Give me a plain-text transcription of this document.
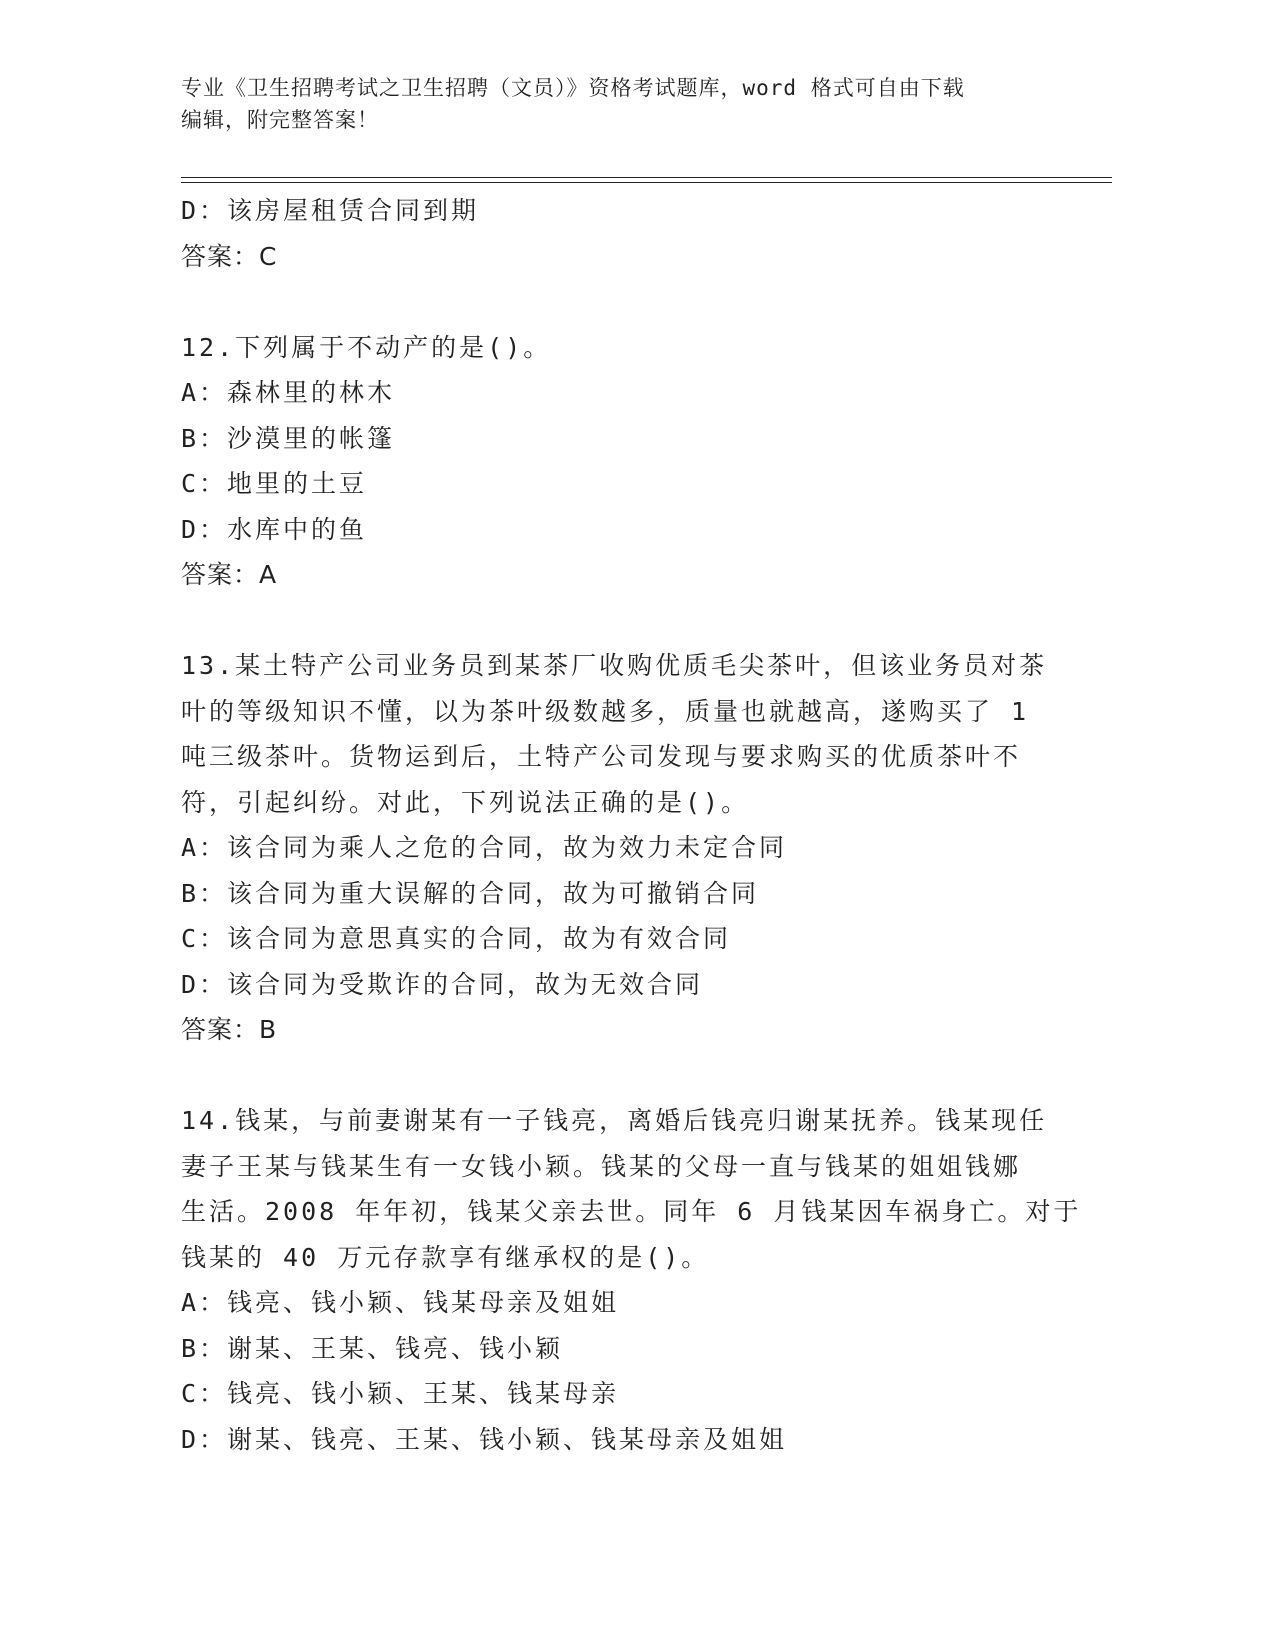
专业《卫生招聘考试之卫生招聘（文员）》资格考试题库，word 格式可自由下载
编辑，附完整答案！
D：该房屋租赁合同到期
答案：C
12.下列属于不动产的是()。
A：森林里的林木
B：沙漠里的帐篷
C：地里的土豆
D：水库中的鱼
答案：A
13.某土特产公司业务员到某茶厂收购优质毛尖茶叶，但该业务员对茶
叶的等级知识不懂，以为茶叶级数越多，质量也就越高，遂购买了 1
吨三级茶叶。货物运到后，土特产公司发现与要求购买的优质茶叶不
符，引起纠纷。对此，下列说法正确的是()。
A：该合同为乘人之危的合同，故为效力未定合同
B：该合同为重大误解的合同，故为可撤销合同
C：该合同为意思真实的合同，故为有效合同
D：该合同为受欺诈的合同，故为无效合同
答案：B
14.钱某，与前妻谢某有一子钱亮，离婚后钱亮归谢某抚养。钱某现任
妻子王某与钱某生有一女钱小颖。钱某的父母一直与钱某的姐姐钱娜
生活。2008 年年初，钱某父亲去世。同年 6 月钱某因车祸身亡。对于
钱某的 40 万元存款享有继承权的是()。
A：钱亮、钱小颖、钱某母亲及姐姐
B：谢某、王某、钱亮、钱小颖
C：钱亮、钱小颖、王某、钱某母亲
D：谢某、钱亮、王某、钱小颖、钱某母亲及姐姐
